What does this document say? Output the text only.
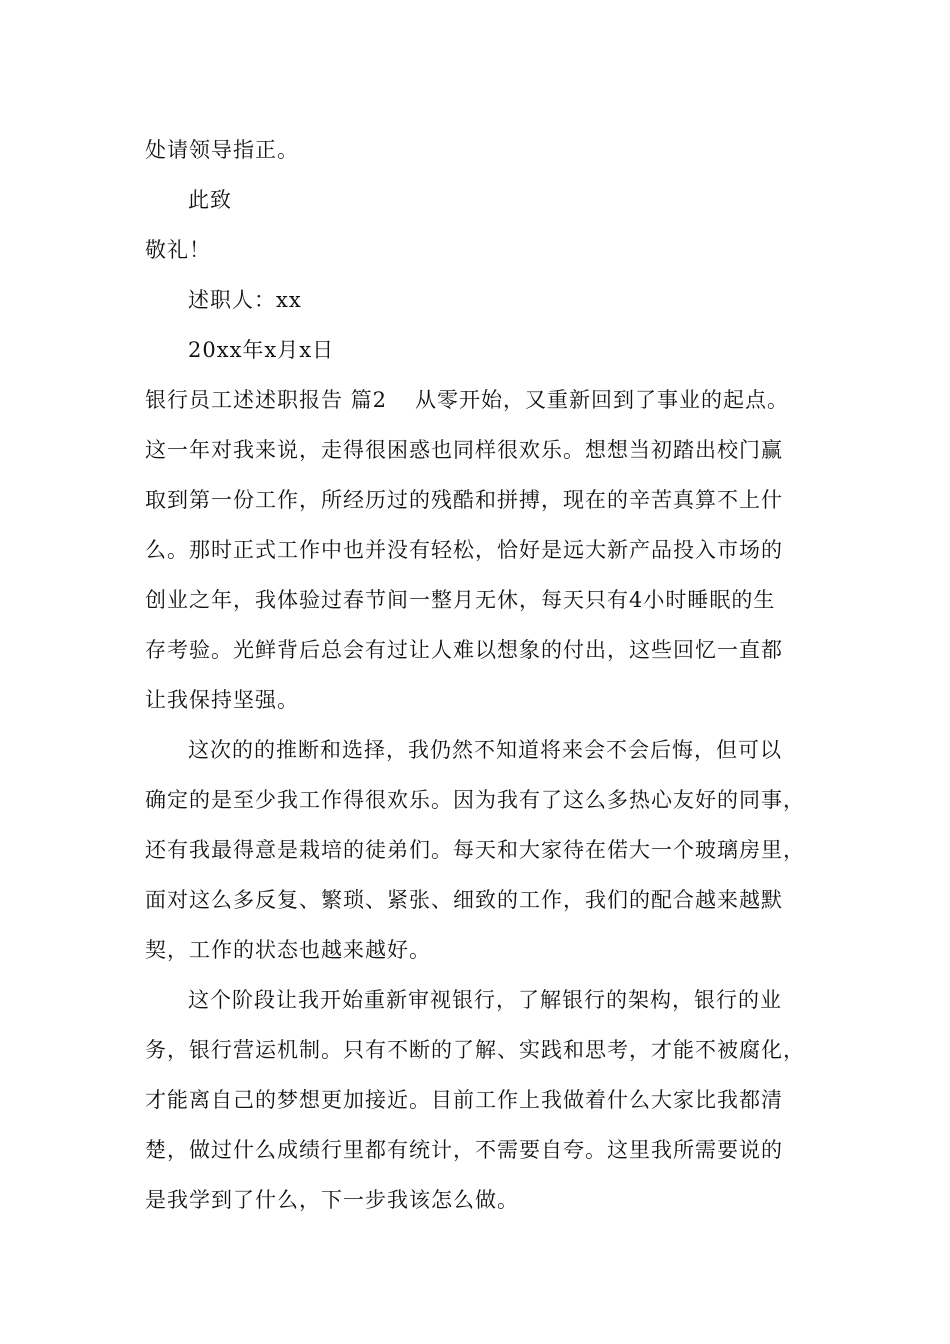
处请领导指正。
此致
敬礼！
述职人：xx
20xx年x月x日
银行员工述述职报告 篇2 从零开始，又重新回到了事业的起点。
这一年对我来说，走得很困惑也同样很欢乐。想想当初踏出校门赢
取到第一份工作，所经历过的残酷和拼搏，现在的辛苦真算不上什
么。那时正式工作中也并没有轻松，恰好是远大新产品投入市场的
创业之年，我体验过春节间一整月无休，每天只有4小时睡眠的生
存考验。光鲜背后总会有过让人难以想象的付出，这些回忆一直都
让我保持坚强。
这次的的推断和选择，我仍然不知道将来会不会后悔，但可以
确定的是至少我工作得很欢乐。因为我有了这么多热心友好的同事，
还有我最得意是栽培的徒弟们。每天和大家待在偌大一个玻璃房里，
面对这么多反复、繁琐、紧张、细致的工作，我们的配合越来越默
契，工作的状态也越来越好。
这个阶段让我开始重新审视银行，了解银行的架构，银行的业
务，银行营运机制。只有不断的了解、实践和思考，才能不被腐化，
才能离自己的梦想更加接近。目前工作上我做着什么大家比我都清
楚，做过什么成绩行里都有统计，不需要自夸。这里我所需要说的
是我学到了什么，下一步我该怎么做。
